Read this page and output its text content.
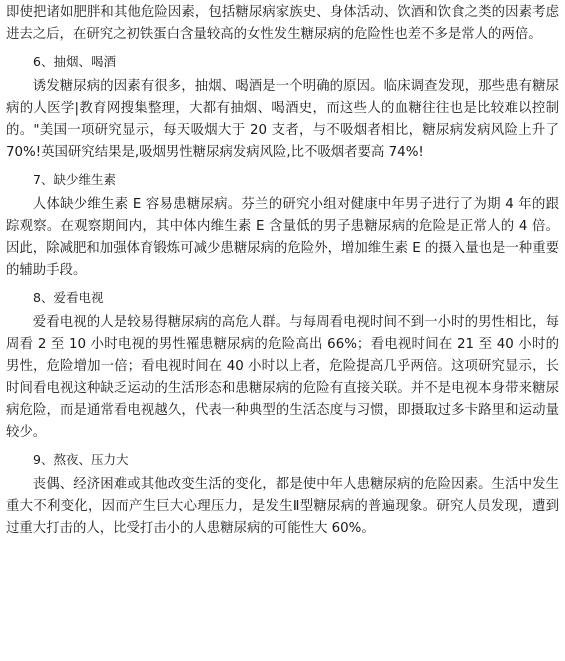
即使把诸如肥胖和其他危险因素，包括糖尿病家族史、身体活动、饮酒和饮食之类的因素考虑进去之后，在研究之初铁蛋白含量较高的女性发生糖尿病的危险性也差不多是常人的两倍。

6、抽烟、喝酒

诱发糖尿病的因素有很多，抽烟、喝酒是一个明确的原因。临床调查发现，那些患有糖尿病的人医学|教育网搜集整理，大都有抽烟、喝酒史，而这些人的血糖往往也是比较难以控制的。"美国一项研究显示，每天吸烟大于 20 支者，与不吸烟者相比，糖尿病发病风险上升了 70%!英国研究结果是,吸烟男性糖尿病发病风险,比不吸烟者要高 74%!

7、缺少维生素

人体缺少维生素 E 容易患糖尿病。芬兰的研究小组对健康中年男子进行了为期 4 年的跟踪观察。在观察期间内，其中体内维生素 E 含量低的男子患糖尿病的危险是正常人的 4 倍。因此，除减肥和加强体育锻炼可减少患糖尿病的危险外，增加维生素 E 的摄入量也是一种重要的辅助手段。

8、爱看电视

爱看电视的人是较易得糖尿病的高危人群。与每周看电视时间不到一小时的男性相比，每周看 2 至 10 小时电视的男性罹患糖尿病的危险高出 66%；看电视时间在 21 至 40 小时的男性，危险增加一倍；看电视时间在 40 小时以上者，危险提高几乎两倍。这项研究显示，长时间看电视这种缺乏运动的生活形态和患糖尿病的危险有直接关联。并不是电视本身带来糖尿病危险，而是通常看电视越久，代表一种典型的生活态度与习惯，即摄取过多卡路里和运动量较少。

9、熬夜、压力大

丧偶、经济困难或其他改变生活的变化，都是使中年人患糖尿病的危险因素。生活中发生重大不利变化，因而产生巨大心理压力，是发生Ⅱ型糖尿病的普遍现象。研究人员发现，遭到过重大打击的人，比受打击小的人患糖尿病的可能性大 60%。
